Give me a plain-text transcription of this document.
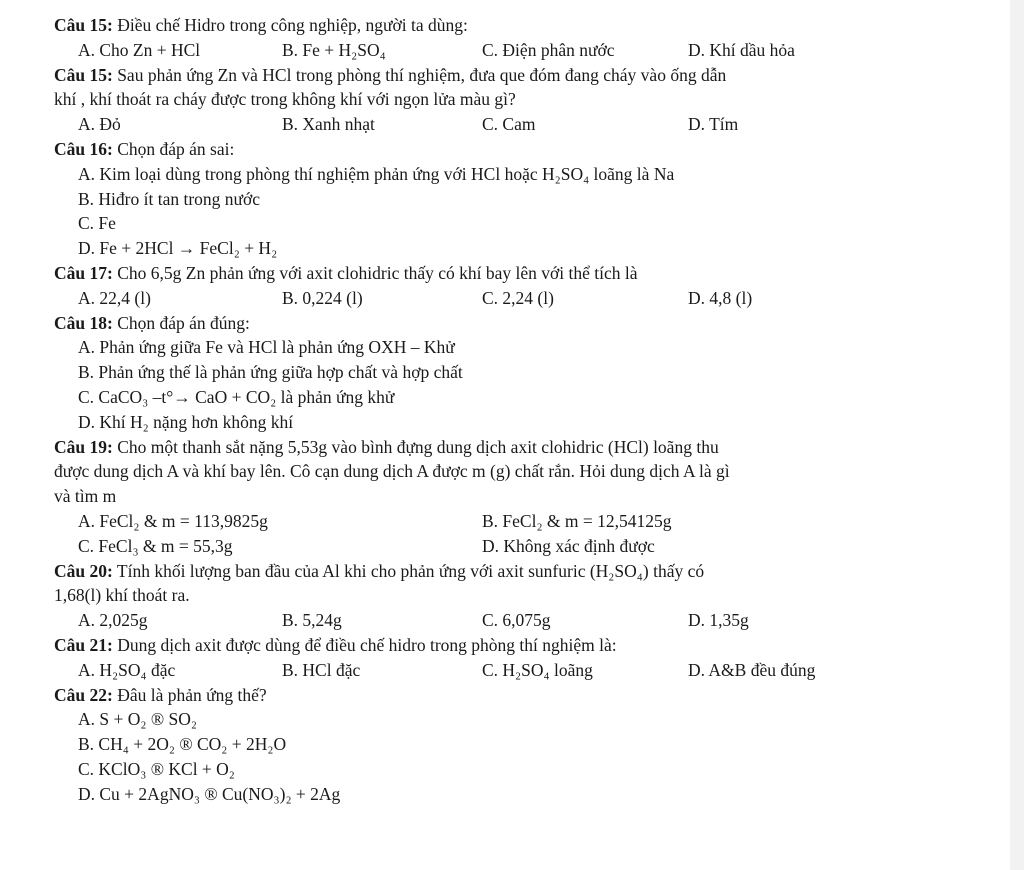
Câu 15: Điều chế Hidro trong công nghiệp, người ta dùng:
A. Cho Zn + HCl	B. Fe + H₂SO₄	C. Điện phân nước	D. Khí dầu hỏa
Câu 15: Sau phản ứng Zn và HCl trong phòng thí nghiệm, đưa que đóm đang cháy vào ống dẫn
khí , khí thoát ra cháy được trong không khí với ngọn lửa màu gì?
A. Đỏ	B. Xanh nhạt	C. Cam	D. Tím
Câu 16: Chọn đáp án sai:
A. Kim loại dùng trong phòng thí nghiệm phản ứng với HCl hoặc H₂SO₄ loãng là Na
B. Hiđro ít tan trong nước
C. Fe
D. Fe + 2HCl → FeCl₂ + H₂
Câu 17: Cho 6,5g Zn phản ứng với axit clohidric thấy có khí bay lên với thể tích là
A. 22,4 (l)	B. 0,224 (l)	C. 2,24 (l)	D. 4,8 (l)
Câu 18: Chọn đáp án đúng:
A. Phản ứng giữa Fe và HCl là phản ứng OXH – Khử
B. Phản ứng thế là phản ứng giữa hợp chất và hợp chất
C. CaCO₃ –t°→ CaO + CO₂ là phản ứng khử
D. Khí H₂ nặng hơn không khí
Câu 19: Cho một thanh sắt nặng 5,53g vào bình đựng dung dịch axit clohidric (HCl) loãng thu
được dung dịch A và khí bay lên. Cô cạn dung dịch A được m (g) chất rắn. Hỏi dung dịch A là gì
và tìm m
A. FeCl₂ & m = 113,9825g	B. FeCl₂ & m = 12,54125g
C. FeCl₃ & m = 55,3g	D. Không xác định được
Câu 20: Tính khối lượng ban đầu của Al khi cho phản ứng với axit sunfuric (H₂SO₄) thấy có
1,68(l) khí thoát ra.
A. 2,025g	B. 5,24g	C. 6,075g	D. 1,35g
Câu 21: Dung dịch axit được dùng để điều chế hidro trong phòng thí nghiệm là:
A. H₂SO₄ đặc	B. HCl đặc	C. H₂SO₄ loãng	D. A&B đều đúng
Câu 22: Đâu là phản ứng thế?
A. S + O₂ ® SO₂
B. CH₄ + 2O₂ ® CO₂ + 2H₂O
C. KClO₃ ® KCl + O₂
D. Cu + 2AgNO₃ ® Cu(NO₃)₂ + 2Ag
